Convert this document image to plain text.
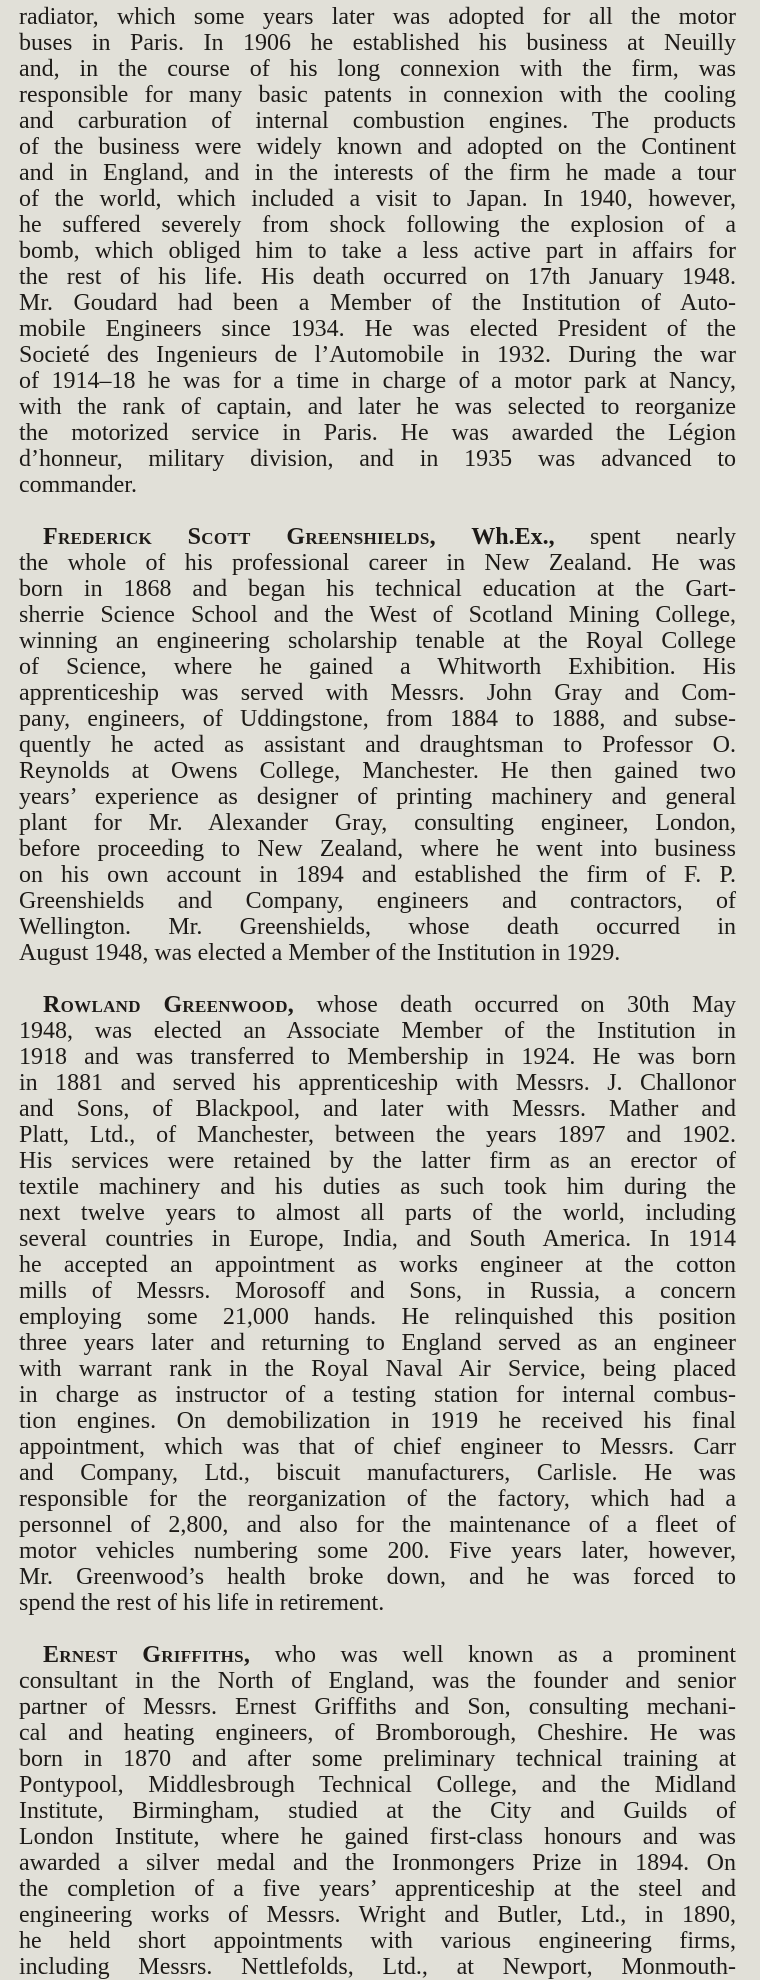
radiator, which some years later was adopted for all the motor
buses in Paris. In 1906 he established his business at Neuilly
and, in the course of his long connexion with the firm, was
responsible for many basic patents in connexion with the cooling
and carburation of internal combustion engines. The products
of the business were widely known and adopted on the Continent
and in England, and in the interests of the firm he made a tour
of the world, which included a visit to Japan. In 1940, however,
he suffered severely from shock following the explosion of a
bomb, which obliged him to take a less active part in affairs for
the rest of his life. His death occurred on 17th January 1948.
Mr. Goudard had been a Member of the Institution of Auto-
mobile Engineers since 1934. He was elected President of the
Societé des Ingenieurs de l’Automobile in 1932. During the war
of 1914–18 he was for a time in charge of a motor park at Nancy,
with the rank of captain, and later he was selected to reorganize
the motorized service in Paris. He was awarded the Légion
d’honneur, military division, and in 1935 was advanced to
commander.
Frederick Scott Greenshields, Wh.Ex., spent nearly
the whole of his professional career in New Zealand. He was
born in 1868 and began his technical education at the Gart-
sherrie Science School and the West of Scotland Mining College,
winning an engineering scholarship tenable at the Royal College
of Science, where he gained a Whitworth Exhibition. His
apprenticeship was served with Messrs. John Gray and Com-
pany, engineers, of Uddingstone, from 1884 to 1888, and subse-
quently he acted as assistant and draughtsman to Professor O.
Reynolds at Owens College, Manchester. He then gained two
years’ experience as designer of printing machinery and general
plant for Mr. Alexander Gray, consulting engineer, London,
before proceeding to New Zealand, where he went into business
on his own account in 1894 and established the firm of F. P.
Greenshields and Company, engineers and contractors, of
Wellington. Mr. Greenshields, whose death occurred in
August 1948, was elected a Member of the Institution in 1929.
Rowland Greenwood, whose death occurred on 30th May
1948, was elected an Associate Member of the Institution in
1918 and was transferred to Membership in 1924. He was born
in 1881 and served his apprenticeship with Messrs. J. Challonor
and Sons, of Blackpool, and later with Messrs. Mather and
Platt, Ltd., of Manchester, between the years 1897 and 1902.
His services were retained by the latter firm as an erector of
textile machinery and his duties as such took him during the
next twelve years to almost all parts of the world, including
several countries in Europe, India, and South America. In 1914
he accepted an appointment as works engineer at the cotton
mills of Messrs. Morosoff and Sons, in Russia, a concern
employing some 21,000 hands. He relinquished this position
three years later and returning to England served as an engineer
with warrant rank in the Royal Naval Air Service, being placed
in charge as instructor of a testing station for internal combus-
tion engines. On demobilization in 1919 he received his final
appointment, which was that of chief engineer to Messrs. Carr
and Company, Ltd., biscuit manufacturers, Carlisle. He was
responsible for the reorganization of the factory, which had a
personnel of 2,800, and also for the maintenance of a fleet of
motor vehicles numbering some 200. Five years later, however,
Mr. Greenwood’s health broke down, and he was forced to
spend the rest of his life in retirement.
Ernest Griffiths, who was well known as a prominent
consultant in the North of England, was the founder and senior
partner of Messrs. Ernest Griffiths and Son, consulting mechani-
cal and heating engineers, of Bromborough, Cheshire. He was
born in 1870 and after some preliminary technical training at
Pontypool, Middlesbrough Technical College, and the Midland
Institute, Birmingham, studied at the City and Guilds of
London Institute, where he gained first-class honours and was
awarded a silver medal and the Ironmongers Prize in 1894. On
the completion of a five years’ apprenticeship at the steel and
engineering works of Messrs. Wright and Butler, Ltd., in 1890,
he held short appointments with various engineering firms,
including Messrs. Nettlefolds, Ltd., at Newport, Monmouth-
